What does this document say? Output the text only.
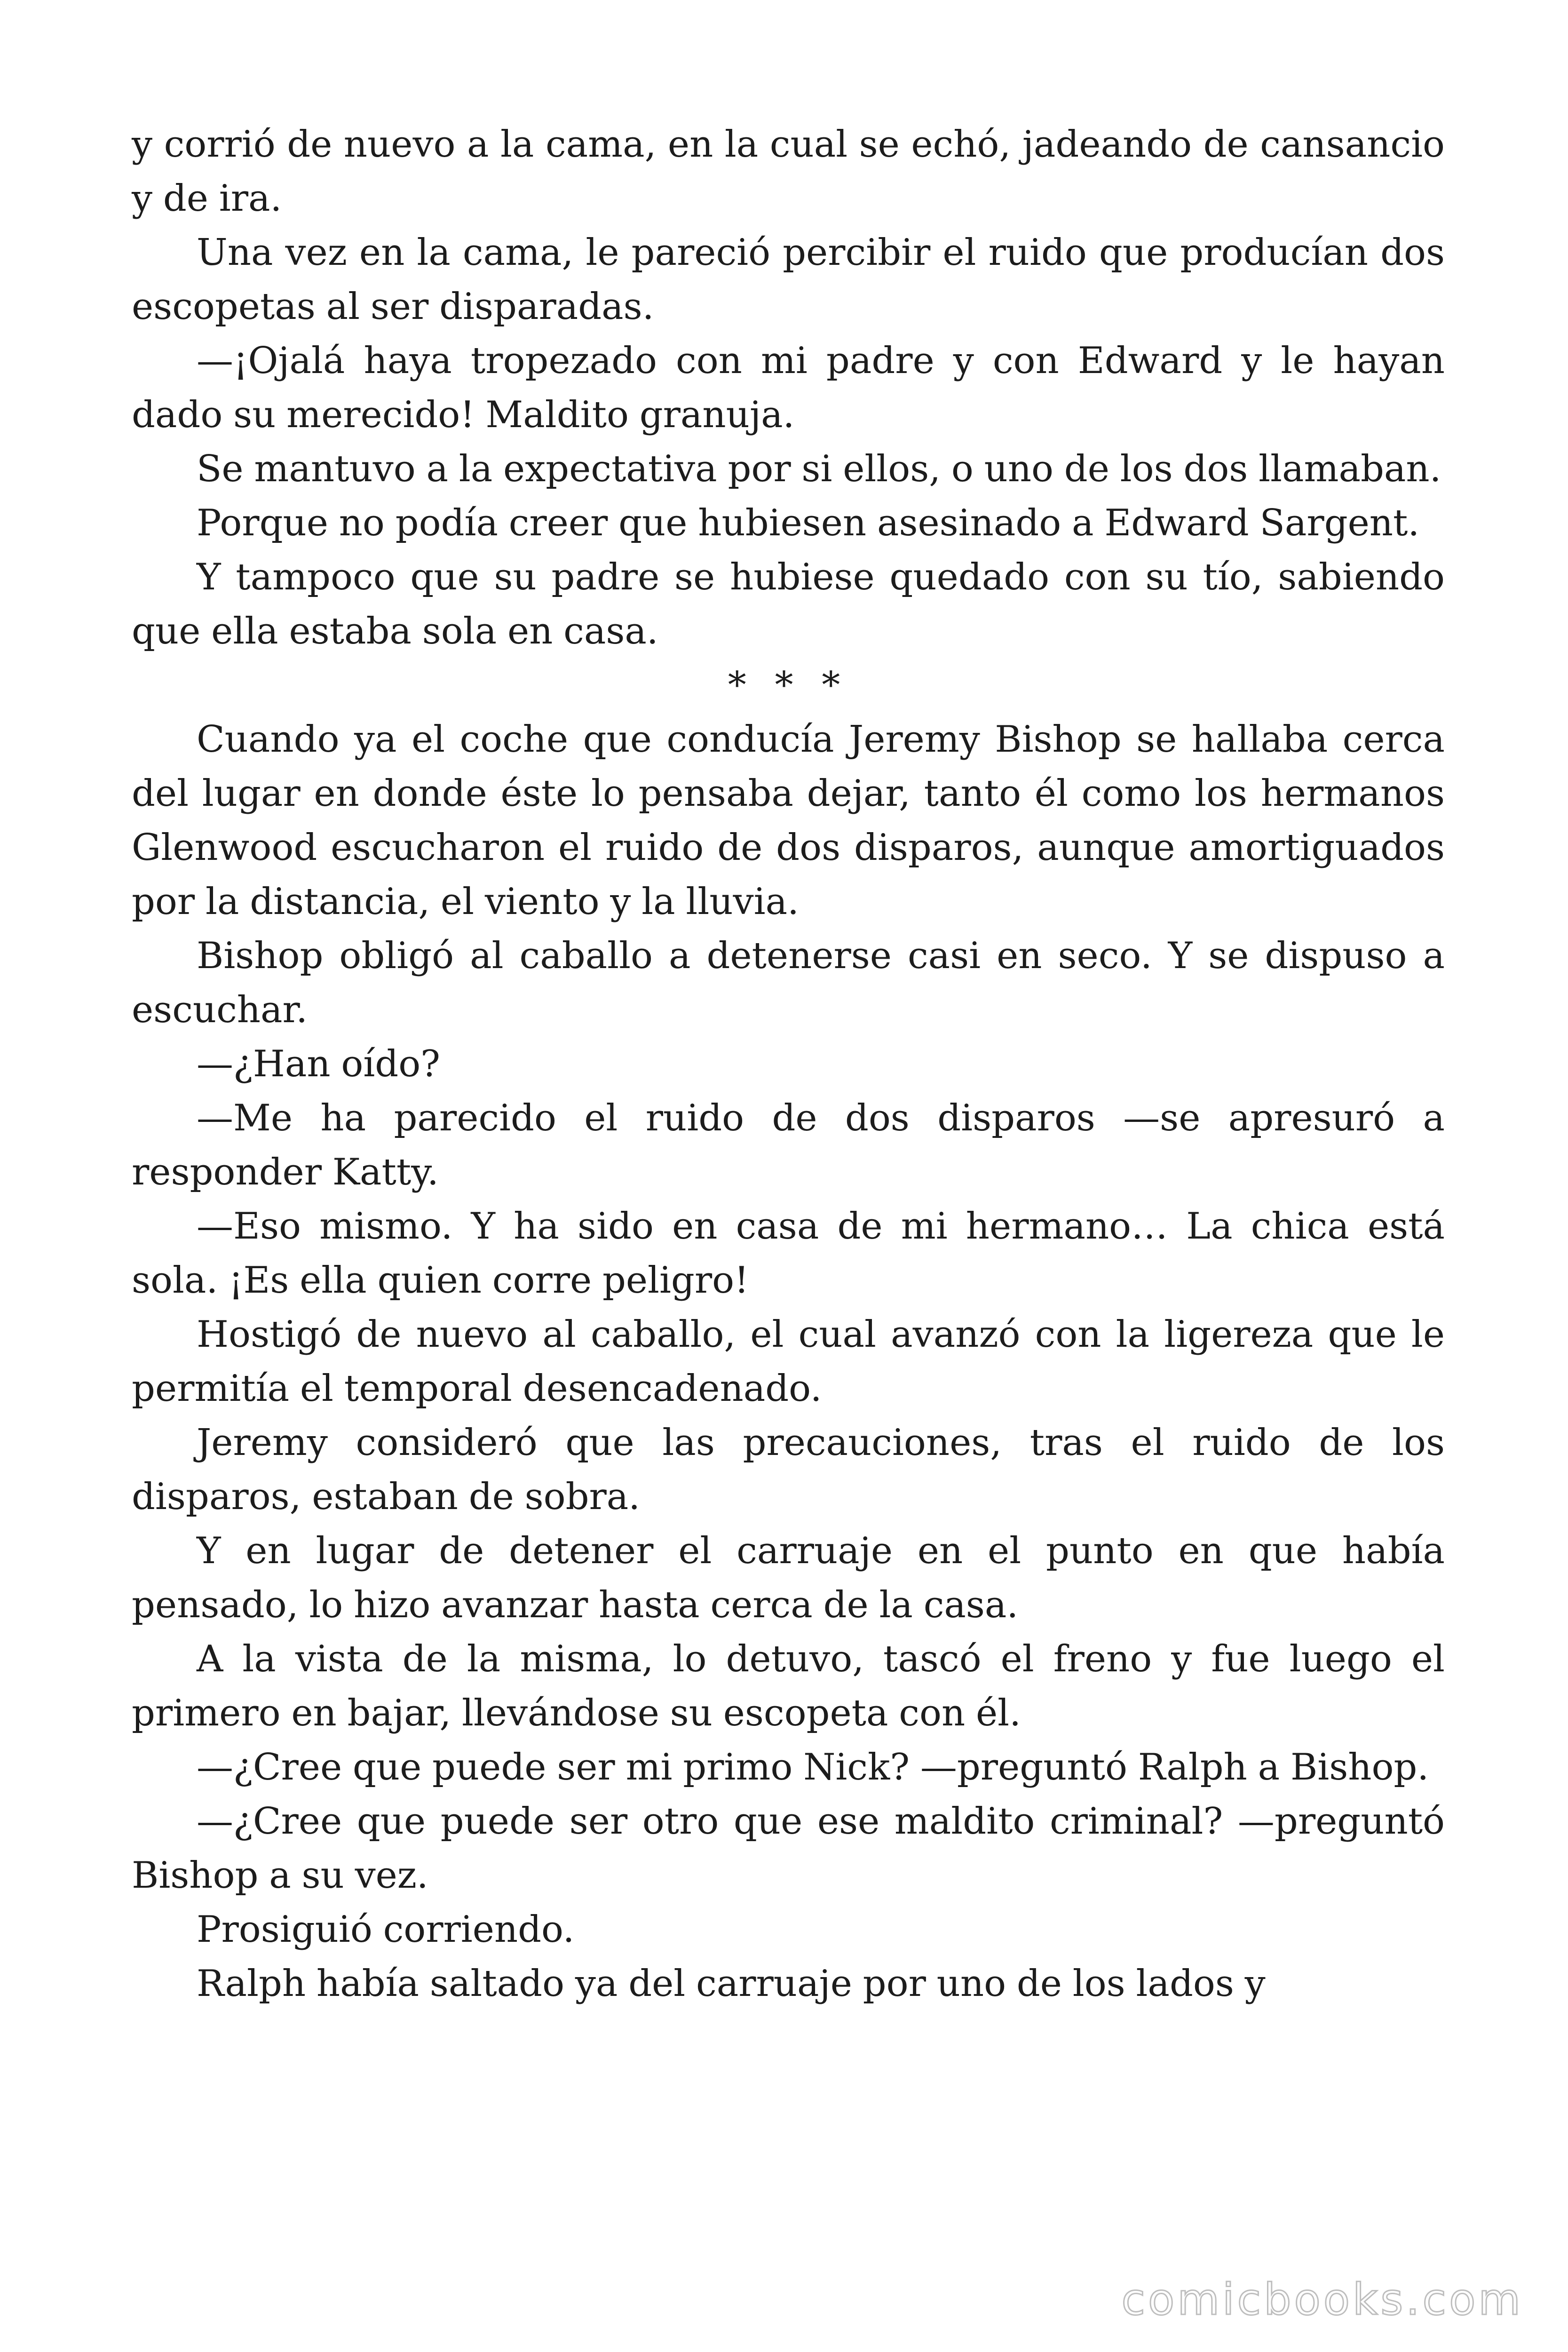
y corrió de nuevo a la cama, en la cual se echó, jadeando de cansancio y de ira.

Una vez en la cama, le pareció percibir el ruido que producían dos escopetas al ser disparadas.

—¡Ojalá haya tropezado con mi padre y con Edward y le hayan dado su merecido! Maldito granuja.

Se mantuvo a la expectativa por si ellos, o uno de los dos llamaban.

Porque no podía creer que hubiesen asesinado a Edward Sargent.

Y tampoco que su padre se hubiese quedado con su tío, sabiendo que ella estaba sola en casa.

* * *

Cuando ya el coche que conducía Jeremy Bishop se hallaba cerca del lugar en donde éste lo pensaba dejar, tanto él como los hermanos Glenwood escucharon el ruido de dos disparos, aunque amortiguados por la distancia, el viento y la lluvia.

Bishop obligó al caballo a detenerse casi en seco. Y se dispuso a escuchar.

—¿Han oído?

—Me ha parecido el ruido de dos disparos —se apresuró a responder Katty.

—Eso mismo. Y ha sido en casa de mi hermano… La chica está sola. ¡Es ella quien corre peligro!

Hostigó de nuevo al caballo, el cual avanzó con la ligereza que le permitía el temporal desencadenado.

Jeremy consideró que las precauciones, tras el ruido de los disparos, estaban de sobra.

Y en lugar de detener el carruaje en el punto en que había pensado, lo hizo avanzar hasta cerca de la casa.

A la vista de la misma, lo detuvo, tascó el freno y fue luego el primero en bajar, llevándose su escopeta con él.

—¿Cree que puede ser mi primo Nick? —preguntó Ralph a Bishop.

—¿Cree que puede ser otro que ese maldito criminal? —preguntó Bishop a su vez.

Prosiguió corriendo.

Ralph había saltado ya del carruaje por uno de los lados y

comicbooks.com
